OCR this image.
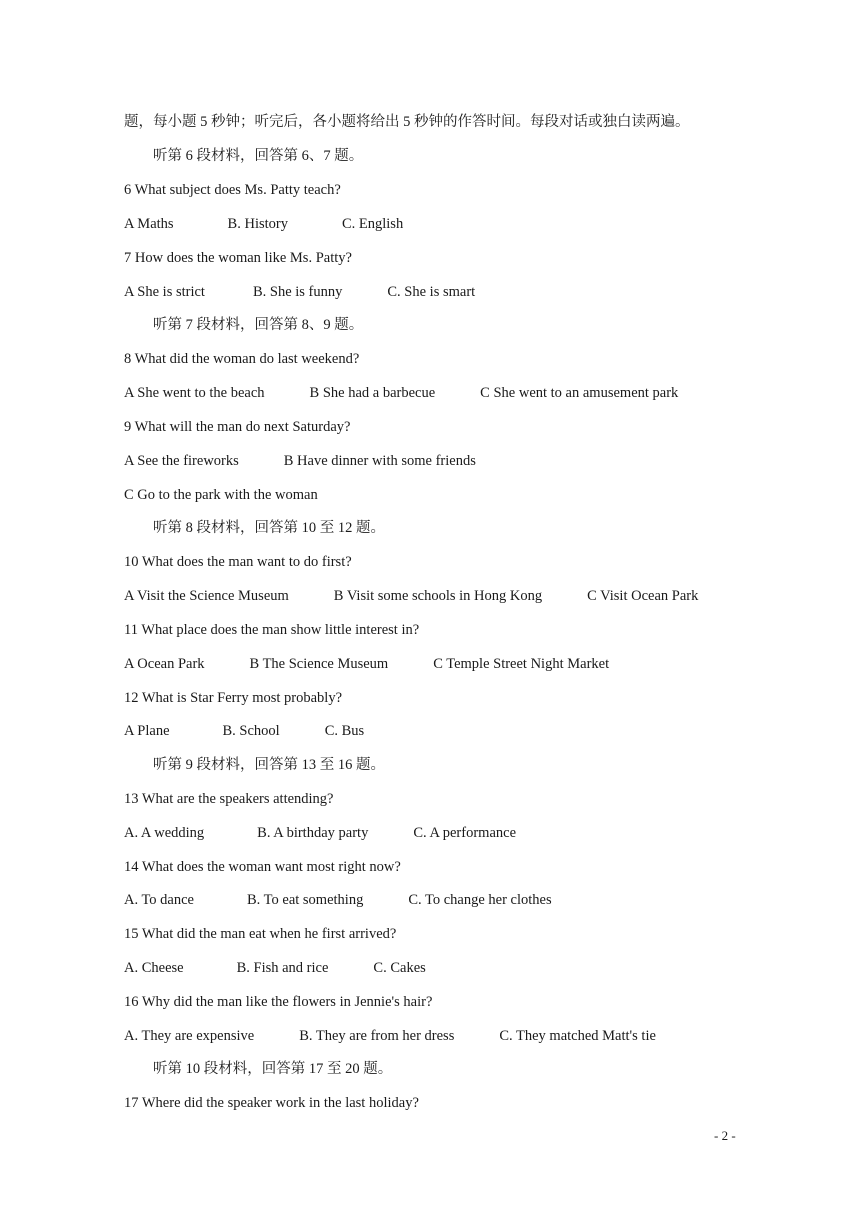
题，每小题 5 秒钟；听完后，各小题将给出 5 秒钟的作答时间。每段对话或独白读两遍。
听第 6 段材料，回答第 6、7 题。
6 What subject does Ms. Patty teach?
A Maths	B. History	C. English
7 How does the woman like Ms. Patty?
A She is strict	B. She is funny	C. She is smart
听第 7 段材料，回答第 8、9 题。
8 What did the woman do last weekend?
A She went to the beach	B She had a barbecue	C She went to an amusement park
9 What will the man do next Saturday?
A See the fireworks	B Have dinner with some friends
C Go to the park with the woman
听第 8 段材料，回答第 10 至 12 题。
10 What does the man want to do first?
A Visit the Science Museum	B Visit some schools in Hong Kong	C Visit Ocean Park
11 What place does the man show little interest in?
A Ocean Park	B The Science Museum	C Temple Street Night Market
12 What is Star Ferry most probably?
A Plane	B. School	C. Bus
听第 9 段材料，回答第 13 至 16 题。
13 What are the speakers attending?
A. A wedding	B. A birthday party	C. A performance
14 What does the woman want most right now?
A. To dance	B. To eat something	C. To change her clothes
15 What did the man eat when he first arrived?
A. Cheese	B. Fish and rice	C. Cakes
16 Why did the man like the flowers in Jennie's hair?
A. They are expensive	B. They are from her dress	C. They matched Matt's tie
听第 10 段材料，回答第 17 至 20 题。
17 Where did the speaker work in the last holiday?
- 2 -
